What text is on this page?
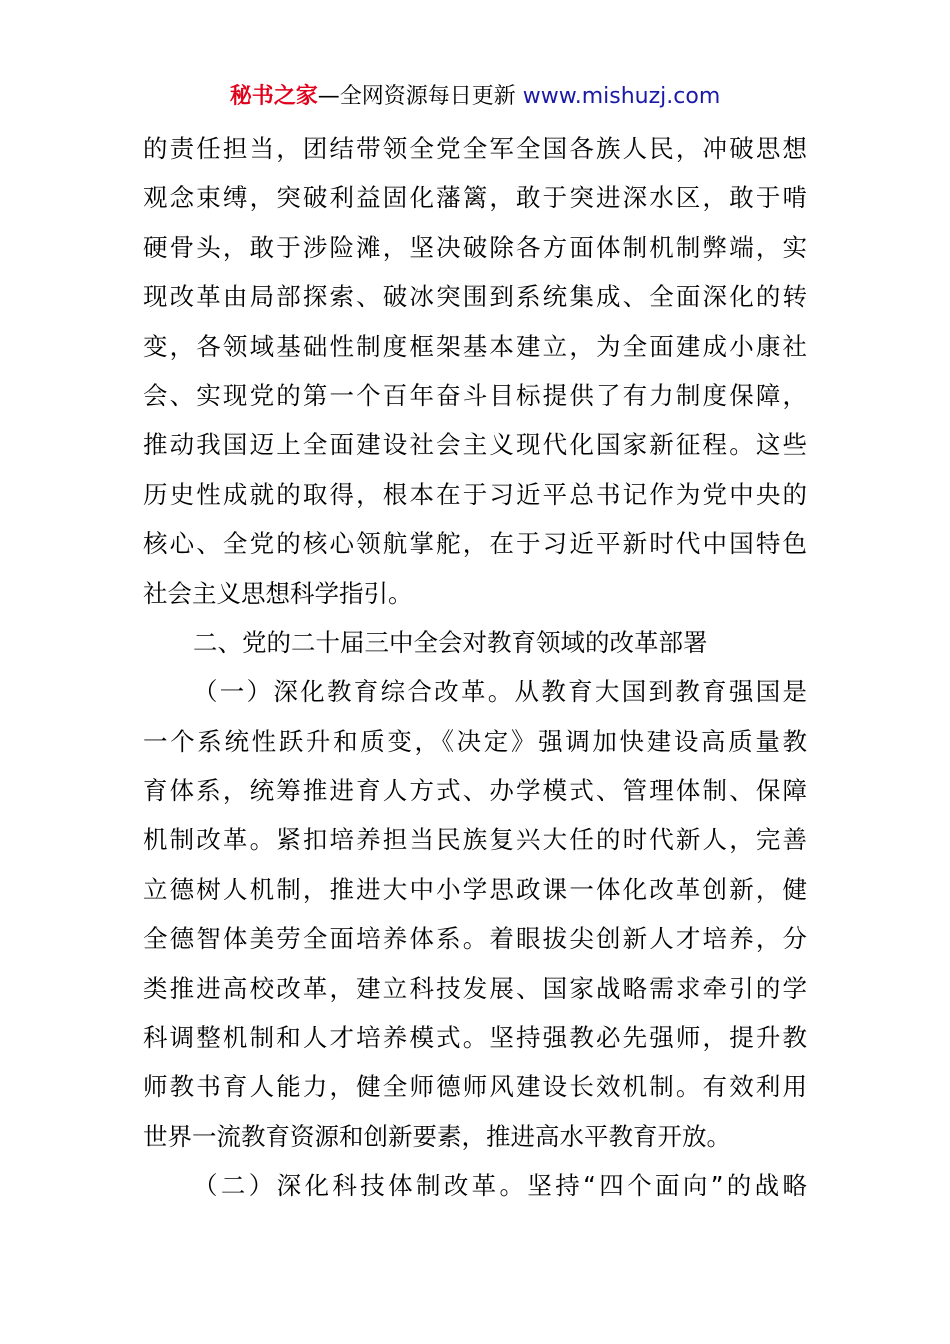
秘书之家—全网资源每日更新 www.mishuzj.com
的责任担当，团结带领全党全军全国各族人民，冲破思想
观念束缚，突破利益固化藩篱，敢于突进深水区，敢于啃
硬骨头，敢于涉险滩，坚决破除各方面体制机制弊端，实
现改革由局部探索、破冰突围到系统集成、全面深化的转
变，各领域基础性制度框架基本建立，为全面建成小康社
会、实现党的第一个百年奋斗目标提供了有力制度保障，
推动我国迈上全面建设社会主义现代化国家新征程。这些
历史性成就的取得，根本在于习近平总书记作为党中央的
核心、全党的核心领航掌舵，在于习近平新时代中国特色
社会主义思想科学指引。
二、党的二十届三中全会对教育领域的改革部署
（一）深化教育综合改革。从教育大国到教育强国是
一个系统性跃升和质变，《决定》强调加快建设高质量教
育体系，统筹推进育人方式、办学模式、管理体制、保障
机制改革。紧扣培养担当民族复兴大任的时代新人，完善
立德树人机制，推进大中小学思政课一体化改革创新，健
全德智体美劳全面培养体系。着眼拔尖创新人才培养，分
类推进高校改革，建立科技发展、国家战略需求牵引的学
科调整机制和人才培养模式。坚持强教必先强师，提升教
师教书育人能力，健全师德师风建设长效机制。有效利用
世界一流教育资源和创新要素，推进高水平教育开放。
（二）深化科技体制改革。坚持“四个面向”的战略
